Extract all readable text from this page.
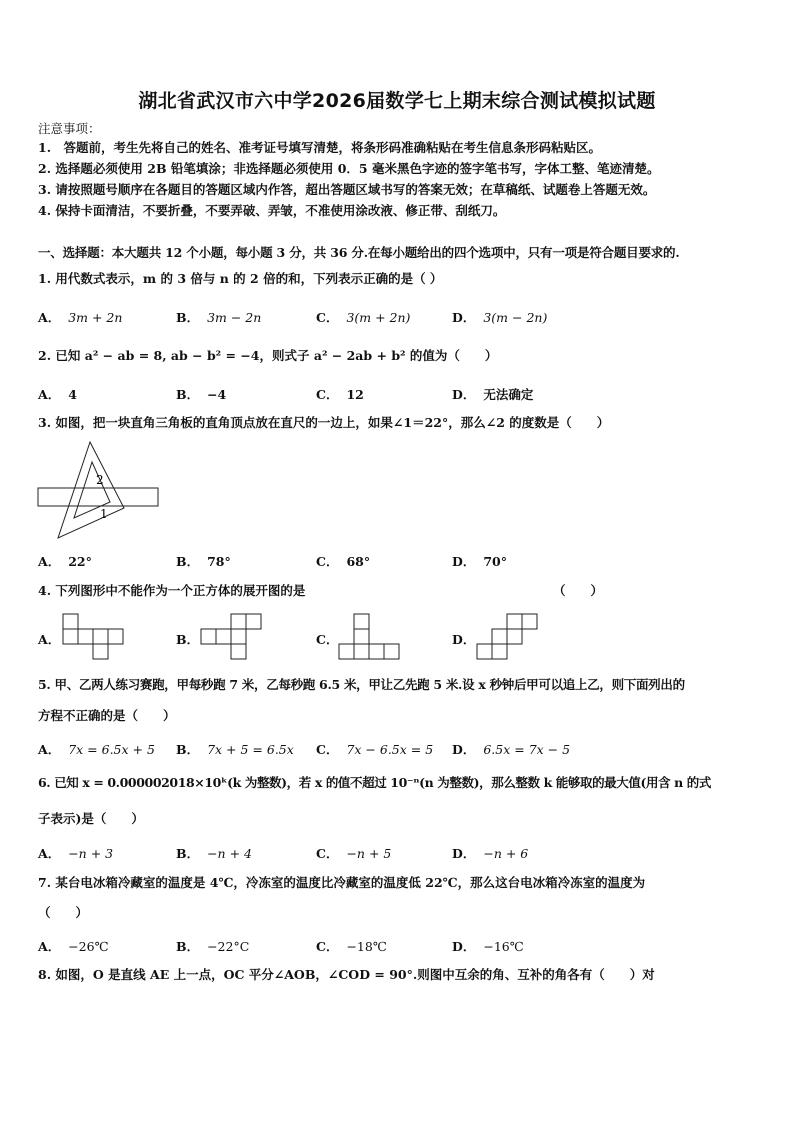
湖北省武汉市六中学2026届数学七上期末综合测试模拟试题
注意事项：
1.　答题前，考生先将自己的姓名、准考证号填写清楚，将条形码准确粘贴在考生信息条形码粘贴区。
2. 选择题必须使用 2B 铅笔填涂；非选择题必须使用 0．5 毫米黑色字迹的签字笔书写，字体工整、笔迹清楚。
3. 请按照题号顺序在各题目的答题区域内作答，超出答题区域书写的答案无效；在草稿纸、试题卷上答题无效。
4. 保持卡面清洁，不要折叠，不要弄破、弄皱，不准使用涂改液、修正带、刮纸刀。
一、选择题：本大题共 12 个小题，每小题 3 分，共 36 分.在每小题给出的四个选项中，只有一项是符合题目要求的.
1. 用代数式表示，m 的 3 倍与 n 的 2 倍的和，下列表示正确的是（ ）
A． 3m + 2n	B． 3m − 2n	C． 3(m + 2n)	D． 3(m − 2n)
2. 已知 a² − ab = 8, ab − b² = −4，则式子 a² − 2ab + b² 的值为（　　）
A． 4	B． −4	C． 12	D． 无法确定
3. 如图，把一块直角三角板的直角顶点放在直尺的一边上，如果∠1＝22°，那么∠2 的度数是（　　）
2
1
A． 22°	B． 78°	C． 68°	D． 70°
4. 下列图形中不能作为一个正方体的展开图的是	（　　）
A．	B．	C．	D．
5. 甲、乙两人练习赛跑，甲每秒跑 7 米，乙每秒跑 6.5 米，甲让乙先跑 5 米.设 x 秒钟后甲可以追上乙，则下面列出的
方程不正确的是（　　）
A． 7x = 6.5x + 5 B． 7x + 5 = 6.5x C． 7x − 6.5x = 5 D． 6.5x = 7x − 5
6. 已知 x = 0.000002018×10ᵏ(k 为整数)，若 x 的值不超过 10⁻ⁿ(n 为整数)，那么整数 k 能够取的最大值(用含 n 的式
子表示)是（　　）
A． −n + 3	B． −n + 4	C． −n + 5	D． −n + 6
7. 某台电冰箱冷藏室的温度是 4℃，冷冻室的温度比冷藏室的温度低 22℃，那么这台电冰箱冷冻室的温度为
（　　）
A． −26℃	B． −22°C	C． −18℃	D． −16℃
8. 如图，O 是直线 AE 上一点，OC 平分∠AOB，∠COD = 90°.则图中互余的角、互补的角各有（　　）对
